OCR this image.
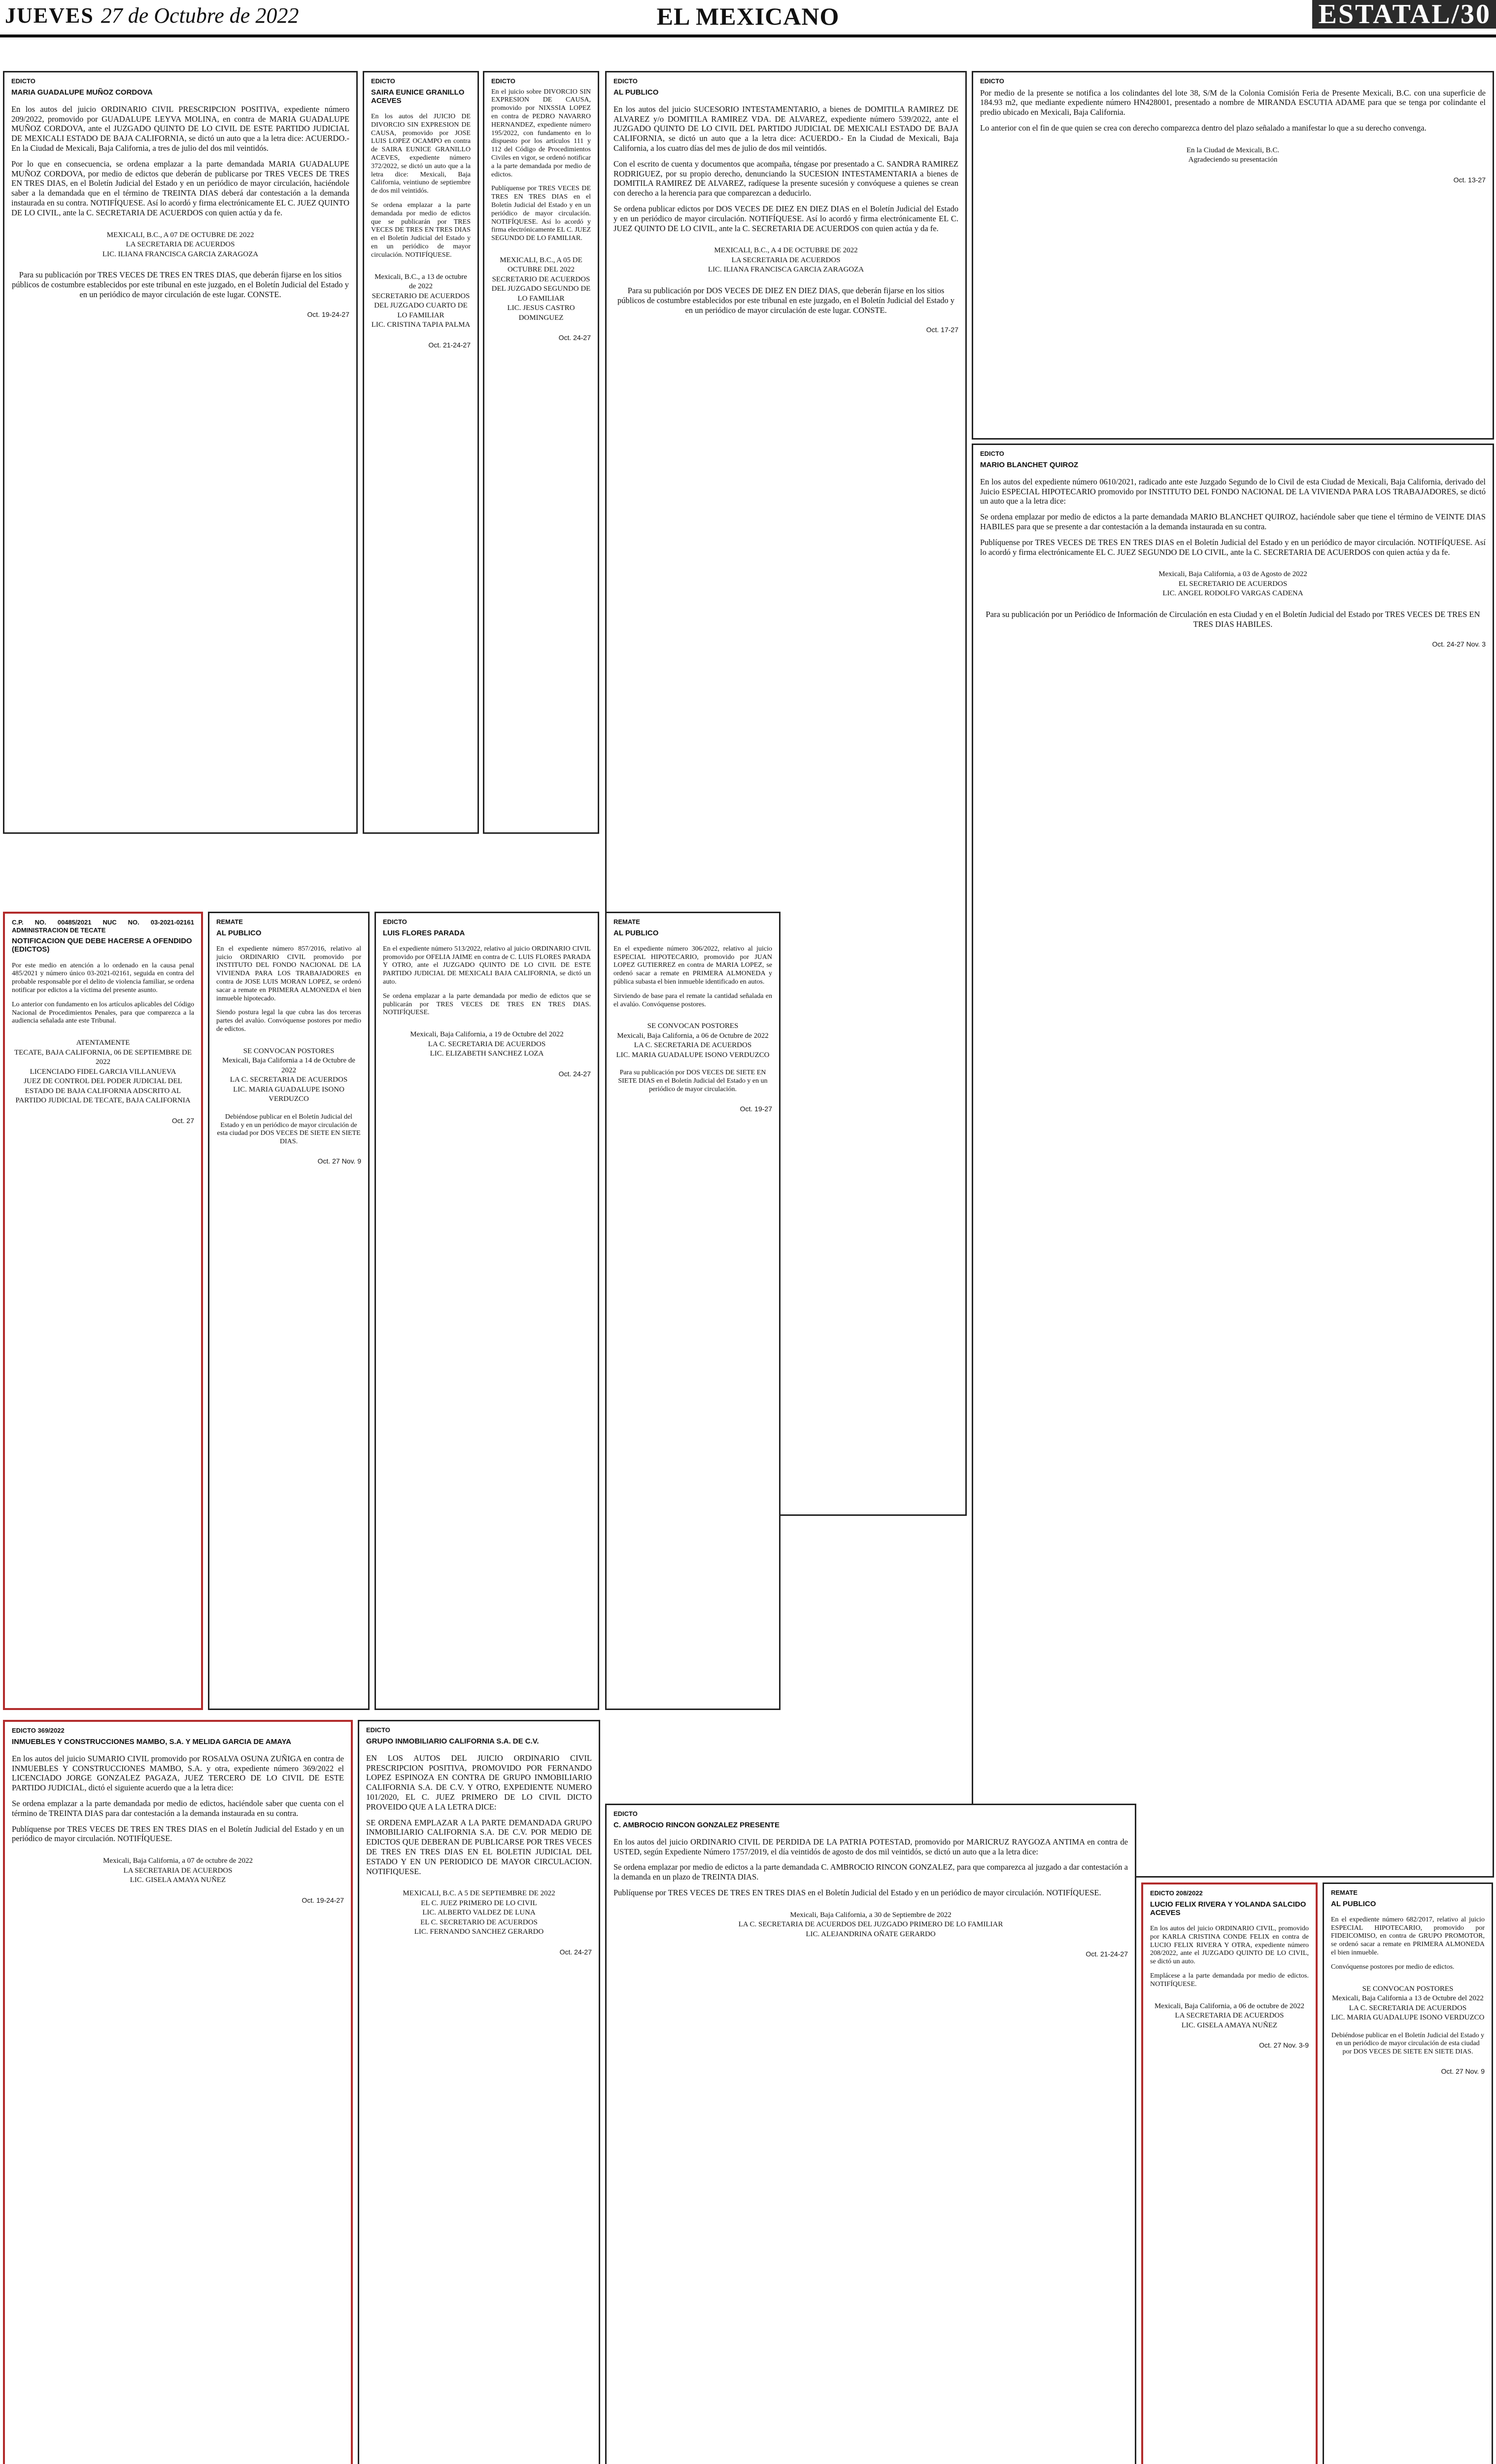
JUEVES 27 de Octubre de 2022	EL MEXICANO	ESTATAL/30
EDICTO
MARIA GUADALUPE MUÑOZ CORDOVA

En los autos del juicio ORDINARIO CIVIL PRESCRIPCION POSITIVA, expediente número 209/2022, promovido por GUADALUPE LEYVA MOLINA, en contra de MARIA GUADALUPE MUÑOZ CORDOVA, ante el JUZGADO QUINTO DE LO CIVIL DE ESTE PARTIDO JUDICIAL DE MEXICALI ESTADO DE BAJA CALIFORNIA, se dictó un auto que a la letra dice: ACUERDO.- En la Ciudad de Mexicali, Baja California, a tres de julio del dos mil veintidós.

Por lo que en consecuencia, se ordena emplazar a la parte demandada MARIA GUADALUPE MUÑOZ CORDOVA, por medio de edictos que deberán de publicarse por TRES VECES DE TRES EN TRES DIAS, en el Boletín Judicial del Estado y en un periódico de mayor circulación, haciéndole saber a la demandada que en el término de TREINTA DIAS deberá dar contestación a la demanda instaurada en su contra. NOTIFÍQUESE. Así lo acordó y firma electrónicamente EL C. JUEZ QUINTO DE LO CIVIL, ante la C. SECRETARIA DE ACUERDOS con quien actúa y da fe.

MEXICALI, B.C., A 07 DE OCTUBRE DE 2022
LA SECRETARIA DE ACUERDOS
LIC. ILIANA FRANCISCA GARCIA ZARAGOZA

Para su publicación por TRES VECES DE TRES EN TRES DIAS, que deberán fijarse en los sitios públicos de costumbre establecidos por este tribunal en este juzgado, en el Boletín Judicial del Estado y en un periódico de mayor circulación de este lugar. CONSTE.

Oct. 19-24-27
EDICTO
SAIRA EUNICE GRANILLO ACEVES

En los autos del JUICIO DE DIVORCIO SIN EXPRESION DE CAUSA, promovido por JOSE LUIS LOPEZ OCAMPO en contra de SAIRA EUNICE GRANILLO ACEVES, expediente número 372/2022, se dictó un auto que a la letra dice: Mexicali, Baja California, veintiuno de septiembre de dos mil veintidós.

Se ordena emplazar a la parte demandada por medio de edictos que se publicarán por TRES VECES DE TRES EN TRES DIAS en el Boletín Judicial del Estado y en un periódico de mayor circulación. NOTIFÍQUESE.

Mexicali, B.C., a 13 de octubre de 2022
SECRETARIO DE ACUERDOS DEL JUZGADO CUARTO DE LO FAMILIAR
LIC. CRISTINA TAPIA PALMA
Oct. 21-24-27
EDICTO

En el juicio sobre DIVORCIO SIN EXPRESION DE CAUSA, promovido por NIXSSIA LOPEZ en contra de PEDRO NAVARRO HERNANDEZ, expediente número 195/2022, con fundamento en lo dispuesto por los artículos 111 y 112 del Código de Procedimientos Civiles en vigor, se ordenó notificar a la parte demandada por medio de edictos.

Publíquense por TRES VECES DE TRES EN TRES DIAS en el Boletín Judicial del Estado y en un periódico de mayor circulación. NOTIFÍQUESE. Así lo acordó y firma electrónicamente EL C. JUEZ SEGUNDO DE LO FAMILIAR.

MEXICALI, B.C., A 05 DE OCTUBRE DEL 2022
SECRETARIO DE ACUERDOS DEL JUZGADO SEGUNDO DE LO FAMILIAR
LIC. JESUS CASTRO DOMINGUEZ
Oct. 24-27
EDICTO
AL PUBLICO

En los autos del juicio SUCESORIO INTESTAMENTARIO, a bienes de DOMITILA RAMIREZ DE ALVAREZ y/o DOMITILA RAMIREZ VDA. DE ALVAREZ, expediente número 539/2022, ante el JUZGADO QUINTO DE LO CIVIL DEL PARTIDO JUDICIAL DE MEXICALI ESTADO DE BAJA CALIFORNIA, se dictó un auto que a la letra dice: ACUERDO.- En la Ciudad de Mexicali, Baja California, a los cuatro días del mes de julio de dos mil veintidós.

Con el escrito de cuenta y documentos que acompaña, téngase por presentado a C. SANDRA RAMIREZ RODRIGUEZ, por su propio derecho, denunciando la SUCESION INTESTAMENTARIA a bienes de DOMITILA RAMIREZ DE ALVAREZ, radíquese la presente sucesión y convóquese a quienes se crean con derecho a la herencia para que comparezcan a deducirlo.

Se ordena publicar edictos por DOS VECES DE DIEZ EN DIEZ DIAS en el Boletín Judicial del Estado y en un periódico de mayor circulación. NOTIFÍQUESE. Así lo acordó y firma electrónicamente EL C. JUEZ QUINTO DE LO CIVIL, ante la C. SECRETARIA DE ACUERDOS con quien actúa y da fe.

MEXICALI, B.C., A 4 DE OCTUBRE DE 2022
LA SECRETARIA DE ACUERDOS
LIC. ILIANA FRANCISCA GARCIA ZARAGOZA

Para su publicación por DOS VECES DE DIEZ EN DIEZ DIAS, que deberán fijarse en los sitios públicos de costumbre establecidos por este tribunal en este juzgado, en el Boletín Judicial del Estado y en un periódico de mayor circulación de este lugar. CONSTE.

Oct. 17-27
EDICTO

Por medio de la presente se notifica a los colindantes del lote 38, S/M de la Colonia Comisión Feria de Presente Mexicali, B.C. con una superficie de 184.93 m2, que mediante expediente número HN428001, presentado a nombre de MIRANDA ESCUTIA ADAME para que se tenga por colindante el predio ubicado en Mexicali, Baja California.

Lo anterior con el fin de que quien se crea con derecho comparezca dentro del plazo señalado a manifestar lo que a su derecho convenga.

En la Ciudad de Mexicali, B.C.
Agradeciendo su presentación
Oct. 13-27
EDICTO
MARIO BLANCHET QUIROZ

En los autos del expediente número 0610/2021, radicado ante este Juzgado Segundo de lo Civil de esta Ciudad de Mexicali, Baja California, derivado del Juicio ESPECIAL HIPOTECARIO promovido por INSTITUTO DEL FONDO NACIONAL DE LA VIVIENDA PARA LOS TRABAJADORES, se dictó un auto que a la letra dice:

Se ordena emplazar por medio de edictos a la parte demandada MARIO BLANCHET QUIROZ, haciéndole saber que tiene el término de VEINTE DIAS HABILES para que se presente a dar contestación a la demanda instaurada en su contra.

Publíquense por TRES VECES DE TRES EN TRES DIAS en el Boletín Judicial del Estado y en un periódico de mayor circulación. NOTIFÍQUESE. Así lo acordó y firma electrónicamente EL C. JUEZ SEGUNDO DE LO CIVIL, ante la C. SECRETARIA DE ACUERDOS con quien actúa y da fe.

Mexicali, Baja California, a 03 de Agosto de 2022
EL SECRETARIO DE ACUERDOS
LIC. ANGEL RODOLFO VARGAS CADENA

Para su publicación por un Periódico de Información de Circulación en esta Ciudad y en el Boletín Judicial del Estado por TRES VECES DE TRES EN TRES DIAS HABILES.

Oct. 24-27 Nov. 3
C.P. NO. 00485/2021 NUC NO. 03-2021-02161 ADMINISTRACION DE TECATE
NOTIFICACION QUE DEBE HACERSE A OFENDIDO (EDICTOS)

Por este medio en atención a lo ordenado en la causa penal 485/2021 y número único 03-2021-02161, seguida en contra del probable responsable por el delito de violencia familiar, se ordena notificar por edictos a la víctima del presente asunto.

Lo anterior con fundamento en los artículos aplicables del Código Nacional de Procedimientos Penales, para que comparezca a la audiencia señalada ante este Tribunal.

ATENTAMENTE
TECATE, BAJA CALIFORNIA, 06 DE SEPTIEMBRE DE 2022
LICENCIADO FIDEL GARCIA VILLANUEVA
JUEZ DE CONTROL DEL PODER JUDICIAL DEL ESTADO DE BAJA CALIFORNIA ADSCRITO AL PARTIDO JUDICIAL DE TECATE, BAJA CALIFORNIA
Oct. 27
REMATE
AL PUBLICO

En el expediente número 857/2016, relativo al juicio ORDINARIO CIVIL promovido por INSTITUTO DEL FONDO NACIONAL DE LA VIVIENDA PARA LOS TRABAJADORES en contra de JOSE LUIS MORAN LOPEZ, se ordenó sacar a remate en PRIMERA ALMONEDA el bien inmueble hipotecado.

Siendo postura legal la que cubra las dos terceras partes del avalúo. Convóquense postores por medio de edictos.

SE CONVOCAN POSTORES
Mexicali, Baja California a 14 de Octubre de 2022
LA C. SECRETARIA DE ACUERDOS
LIC. MARIA GUADALUPE ISONO VERDUZCO

Debiéndose publicar en el Boletín Judicial del Estado y en un periódico de mayor circulación de esta ciudad por DOS VECES DE SIETE EN SIETE DIAS.

Oct. 27 Nov. 9
EDICTO
LUIS FLORES PARADA

En el expediente número 513/2022, relativo al juicio ORDINARIO CIVIL promovido por OFELIA JAIME en contra de C. LUIS FLORES PARADA Y OTRO, ante el JUZGADO QUINTO DE LO CIVIL DE ESTE PARTIDO JUDICIAL DE MEXICALI BAJA CALIFORNIA, se dictó un auto.

Se ordena emplazar a la parte demandada por medio de edictos que se publicarán por TRES VECES DE TRES EN TRES DIAS. NOTIFÍQUESE.

Mexicali, Baja California, a 19 de Octubre del 2022
LA C. SECRETARIA DE ACUERDOS
LIC. ELIZABETH SANCHEZ LOZA
Oct. 24-27
REMATE
AL PUBLICO

En el expediente número 306/2022, relativo al juicio ESPECIAL HIPOTECARIO, promovido por JUAN LOPEZ GUTIERREZ en contra de MARIA LOPEZ, se ordenó sacar a remate en PRIMERA ALMONEDA y pública subasta el bien inmueble identificado en autos.

Sirviendo de base para el remate la cantidad señalada en el avalúo. Convóquense postores.

SE CONVOCAN POSTORES
Mexicali, Baja California, a 06 de Octubre de 2022
LA C. SECRETARIA DE ACUERDOS
LIC. MARIA GUADALUPE ISONO VERDUZCO

Para su publicación por DOS VECES DE SIETE EN SIETE DIAS en el Boletín Judicial del Estado y en un periódico de mayor circulación.

Oct. 19-27
EDICTO
C. AMBROCIO RINCON GONZALEZ PRESENTE

En los autos del juicio ORDINARIO CIVIL DE PERDIDA DE LA PATRIA POTESTAD, promovido por MARICRUZ RAYGOZA ANTIMA en contra de USTED, según Expediente Número 1757/2019, el día veintidós de agosto de dos mil veintidós, se dictó un auto que a la letra dice:

Se ordena emplazar por medio de edictos a la parte demandada C. AMBROCIO RINCON GONZALEZ, para que comparezca al juzgado a dar contestación a la demanda en un plazo de TREINTA DIAS.

Publíquense por TRES VECES DE TRES EN TRES DIAS en el Boletín Judicial del Estado y en un periódico de mayor circulación. NOTIFÍQUESE.

Mexicali, Baja California, a 30 de Septiembre de 2022
LA C. SECRETARIA DE ACUERDOS DEL JUZGADO PRIMERO DE LO FAMILIAR
LIC. ALEJANDRINA OÑATE GERARDO
Oct. 21-24-27
EDICTO 208/2022
LUCIO FELIX RIVERA Y YOLANDA SALCIDO ACEVES

En los autos del juicio ORDINARIO CIVIL, promovido por KARLA CRISTINA CONDE FELIX en contra de LUCIO FELIX RIVERA Y OTRA, expediente número 208/2022, ante el JUZGADO QUINTO DE LO CIVIL, se dictó un auto.

Emplácese a la parte demandada por medio de edictos. NOTIFÍQUESE.

Mexicali, Baja California, a 06 de octubre de 2022
LA SECRETARIA DE ACUERDOS
LIC. GISELA AMAYA NUÑEZ
Oct. 27 Nov. 3-9
REMATE
AL PUBLICO

En el expediente número 682/2017, relativo al juicio ESPECIAL HIPOTECARIO, promovido por FIDEICOMISO, en contra de GRUPO PROMOTOR, se ordenó sacar a remate en PRIMERA ALMONEDA el bien inmueble.

Convóquense postores por medio de edictos.

SE CONVOCAN POSTORES
Mexicali, Baja California a 13 de Octubre del 2022
LA C. SECRETARIA DE ACUERDOS
LIC. MARIA GUADALUPE ISONO VERDUZCO

Debiéndose publicar en el Boletín Judicial del Estado y en un periódico de mayor circulación de esta ciudad por DOS VECES DE SIETE EN SIETE DIAS.

Oct. 27 Nov. 9
EDICTO 369/2022
INMUEBLES Y CONSTRUCCIONES MAMBO, S.A. Y MELIDA GARCIA DE AMAYA

En los autos del juicio SUMARIO CIVIL promovido por ROSALVA OSUNA ZUÑIGA en contra de INMUEBLES Y CONSTRUCCIONES MAMBO, S.A. y otra, expediente número 369/2022 el LICENCIADO JORGE GONZALEZ PAGAZA, JUEZ TERCERO DE LO CIVIL DE ESTE PARTIDO JUDICIAL, dictó el siguiente acuerdo que a la letra dice:

Se ordena emplazar a la parte demandada por medio de edictos, haciéndole saber que cuenta con el término de TREINTA DIAS para dar contestación a la demanda instaurada en su contra.

Publíquense por TRES VECES DE TRES EN TRES DIAS en el Boletín Judicial del Estado y en un periódico de mayor circulación. NOTIFÍQUESE.

Mexicali, Baja California, a 07 de octubre de 2022
LA SECRETARIA DE ACUERDOS
LIC. GISELA AMAYA NUÑEZ
Oct. 19-24-27
EDICTO
GRUPO INMOBILIARIO CALIFORNIA S.A. DE C.V.

EN LOS AUTOS DEL JUICIO ORDINARIO CIVIL PRESCRIPCION POSITIVA, PROMOVIDO POR FERNANDO LOPEZ ESPINOZA EN CONTRA DE GRUPO INMOBILIARIO CALIFORNIA S.A. DE C.V. Y OTRO, EXPEDIENTE NUMERO 101/2020, EL C. JUEZ PRIMERO DE LO CIVIL DICTO PROVEIDO QUE A LA LETRA DICE:

SE ORDENA EMPLAZAR A LA PARTE DEMANDADA GRUPO INMOBILIARIO CALIFORNIA S.A. DE C.V. POR MEDIO DE EDICTOS QUE DEBERAN DE PUBLICARSE POR TRES VECES DE TRES EN TRES DIAS EN EL BOLETIN JUDICIAL DEL ESTADO Y EN UN PERIODICO DE MAYOR CIRCULACION. NOTIFIQUESE.

MEXICALI, B.C. A 5 DE SEPTIEMBRE DE 2022
EL C. JUEZ PRIMERO DE LO CIVIL
LIC. ALBERTO VALDEZ DE LUNA
EL C. SECRETARIO DE ACUERDOS
LIC. FERNANDO SANCHEZ GERARDO
Oct. 24-27
